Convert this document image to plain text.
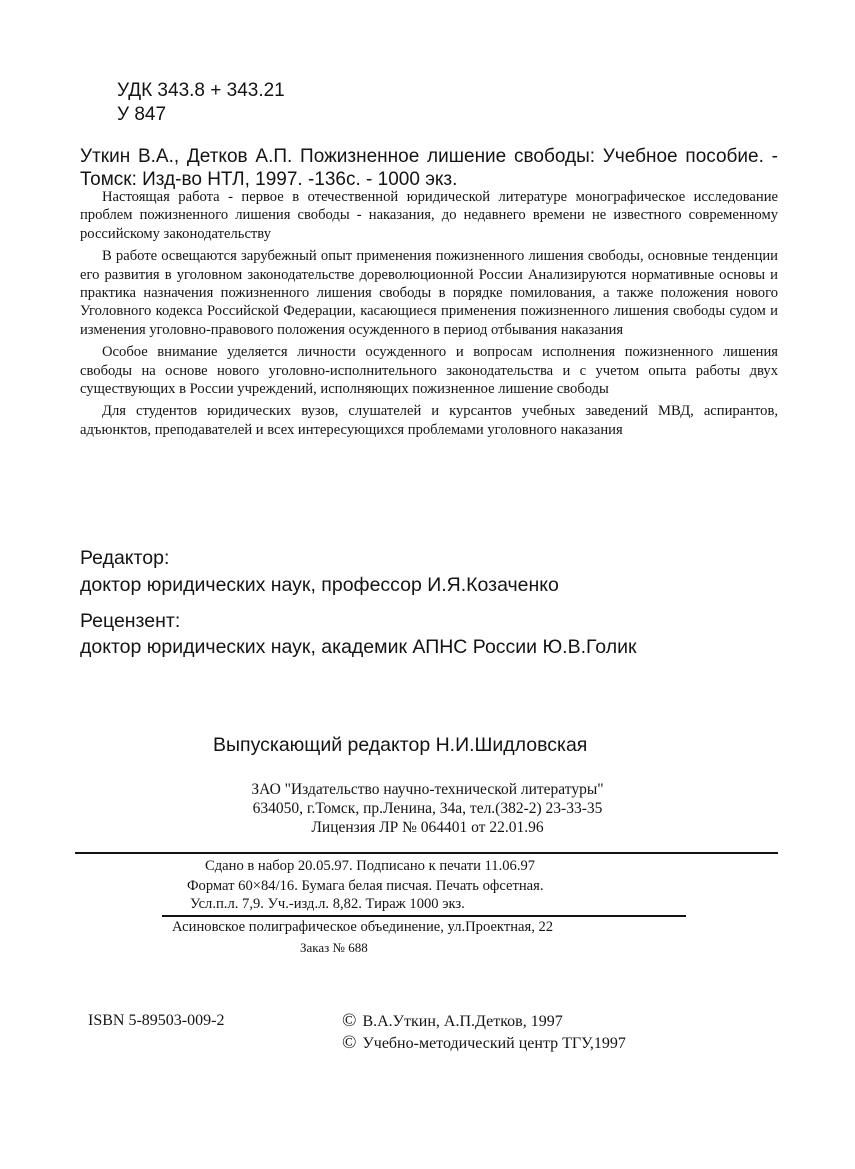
УДК 343.8 + 343.21
У 847
Уткин В.А., Детков А.П. Пожизненное лишение свободы: Учебное пособие. - Томск: Изд-во НТЛ, 1997. -136с. - 1000 экз.

Настоящая работа - первое в отечественной юридической литературе монографическое исследование проблем пожизненного лишения свободы - наказания, до недавнего времени не известного современному российскому законодательству

В работе освещаются зарубежный опыт применения пожизненного лишения свободы, основные тенденции его развития в уголовном законодательстве дореволюционной России Анализируются нормативные основы и практика назначения пожизненного лишения свободы в порядке помилования, а также положения нового Уголовного кодекса Российской Федерации, касающиеся применения пожизненного лишения свободы судом и изменения уголовно-правового положения осужденного в период отбывания наказания

Особое внимание уделяется личности осужденного и вопросам исполнения пожизненного лишения свободы на основе нового уголовно-исполнительного законодательства и с учетом опыта работы двух существующих в России учреждений, исполняющих пожизненное лишение свободы

Для студентов юридических вузов, слушателей и курсантов учебных заведений МВД, аспирантов, адъюнктов, преподавателей и всех интересующихся проблемами уголовного наказания

Редактор:
доктор юридических наук, профессор И.Я.Козаченко
Рецензент:
доктор юридических наук, академик АПНС России Ю.В.Голик
Выпускающий редактор Н.И.Шидловская
ЗАО "Издательство научно-технической литературы"
634050, г.Томск, пр.Ленина, 34а, тел.(382-2) 23-33-35
Лицензия ЛР № 064401 от 22.01.96
Сдано в набор 20.05.97. Подписано к печати 11.06.97
Формат 60×84/16. Бумага белая писчая. Печать офсетная.
Усл.п.л. 7,9. Уч.-изд.л. 8,82. Тираж 1000 экз.
Асиновское полиграфическое объединение, ул.Проектная, 22
Заказ № 688
ISBN 5-89503-009-2	© В.А.Уткин, А.П.Детков, 1997
© Учебно-методический центр ТГУ,1997
